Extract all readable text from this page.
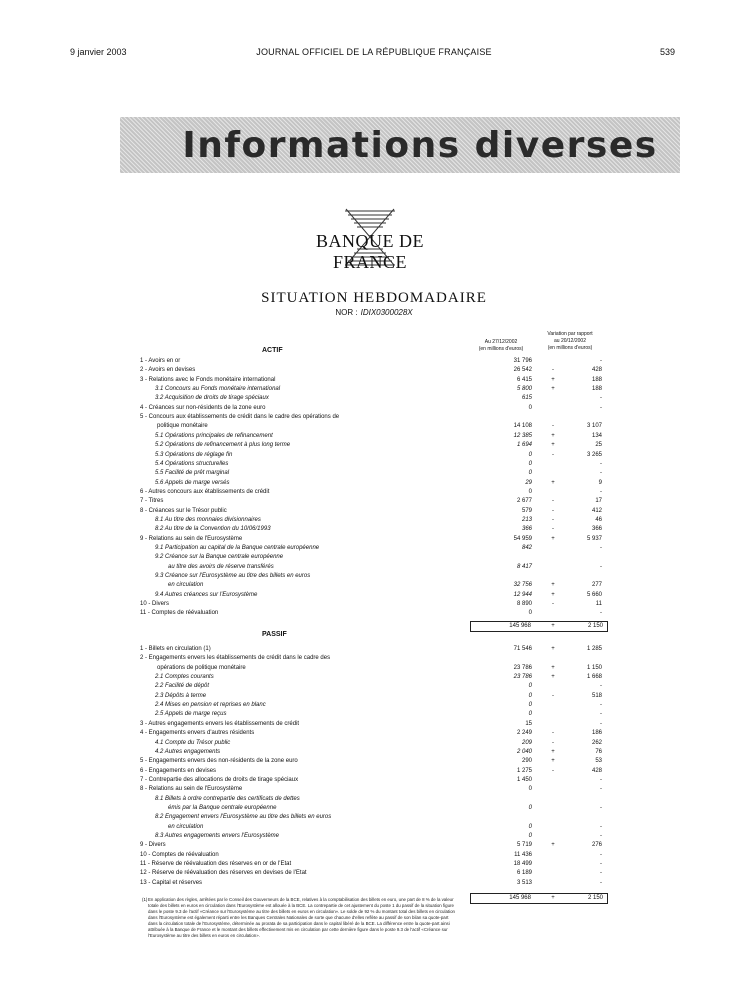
9 janvier 2003	JOURNAL OFFICIEL DE LA RÉPUBLIQUE FRANÇAISE	539
Informations diverses
BANQUE DE FRANCE
SITUATION HEBDOMADAIRE
NOR : IDIX0300028X
Au 27/12/2002
(en millions d'euros)
Variation par rapport
au 20/12/2002
(en millions d'euros)
ACTIF
1 - Avoirs en or	31 796	-
2 - Avoirs en devises	26 542	-	428
3 - Relations avec le Fonds monétaire international	6 415	+	188
3.1 Concours au Fonds monétaire international	5 800	+	188
3.2 Acquisition de droits de tirage spéciaux	615	-
4 - Créances sur non-résidents de la zone euro	0	-
5 - Concours aux établissements de crédit dans le cadre des opérations de
politique monétaire	14 108	-	3 107
5.1 Opérations principales de refinancement	12 385	+	134
5.2 Opérations de refinancement à plus long terme	1 694	+	25
5.3 Opérations de réglage fin	0	-	3 265
5.4 Opérations structurelles	0	-
5.5 Facilité de prêt marginal	0	-
5.6 Appels de marge versés	29	+	9
6 - Autres concours aux établissements de crédit	0	-
7 - Titres	2 677	-	17
8 - Créances sur le Trésor public	579	-	412
8.1 Au titre des monnaies divisionnaires	213	-	46
8.2 Au titre de la Convention du 10/06/1993	366	-	366
9 - Relations au sein de l'Eurosystème	54 959	+	5 937
9.1 Participation au capital de la Banque centrale européenne	842	-
9.2 Créance sur la Banque centrale européenne
au titre des avoirs de réserve transférés	8 417	-
9.3 Créance sur l'Eurosystème au titre des billets en euros
en circulation	32 756	+	277
9.4 Autres créances sur l'Eurosystème	12 944	+	5 660
10 - Divers	8 890	-	11
11 - Comptes de réévaluation	0	-
145 968	+	2 150
PASSIF
1 - Billets en circulation (1)	71 546	+	1 285
2 - Engagements envers les établissements de crédit dans le cadre des
opérations de politique monétaire	23 786	+	1 150
2.1 Comptes courants	23 786	+	1 668
2.2 Facilité de dépôt	0	-
2.3 Dépôts à terme	0	-	518
2.4 Mises en pension et reprises en blanc	0	-
2.5 Appels de marge reçus	0	-
3 - Autres engagements envers les établissements de crédit	15	-
4 - Engagements envers d'autres résidents	2 249	-	186
4.1 Compte du Trésor public	209	-	262
4.2 Autres engagements	2 040	+	76
5 - Engagements envers des non-résidents de la zone euro	290	+	53
6 - Engagements en devises	1 275	-	428
7 - Contrepartie des allocations de droits de tirage spéciaux	1 450	-
8 - Relations au sein de l'Eurosystème	0	-
8.1 Billets à ordre contrepartie des certificats de dettes
émis par la Banque centrale européenne	0	-
8.2 Engagement envers l'Eurosystème au titre des billets en euros
en circulation	0	-
8.3 Autres engagements envers l'Eurosystème	0	-
9 - Divers	5 719	+	276
10 - Comptes de réévaluation	11 436	-
11 - Réserve de réévaluation des réserves en or de l'Etat	18 499	-
12 - Réserve de réévaluation des réserves en devises de l'Etat	6 189	-
13 - Capital et réserves	3 513	-
145 968	+	2 150
(1) En application des règles, arrêtées par le Conseil des Gouverneurs de la BCE, relatives à la comptabilisation des billets en euro, une part de 8 % de la valeur totale des billets en euros en circulation dans l'Eurosystème est allouée à la BCE. La contrepartie de cet ajustement du poste 1 du passif de la situation figure dans le poste 9.3 de l'actif «Créance sur l'Eurosystème au titre des billets en euros en circulation». Le solde de 92 % du montant total des billets en circulation dans l'Eurosystème est également réparti entre les Banques Centrales Nationales de sorte que chacune d'elles reflète au passif de son bilan sa quote-part dans la circulation totale de l'Eurosystème, déterminée au prorata de sa participation dans le capital libéré de la BCE. La différence entre la quote-part ainsi attribuée à la Banque de France et le montant des billets effectivement mis en circulation par cette dernière figure dans le poste 9.3 de l'actif «Créance sur l'Eurosystème au titre des billets en euros en circulation».
